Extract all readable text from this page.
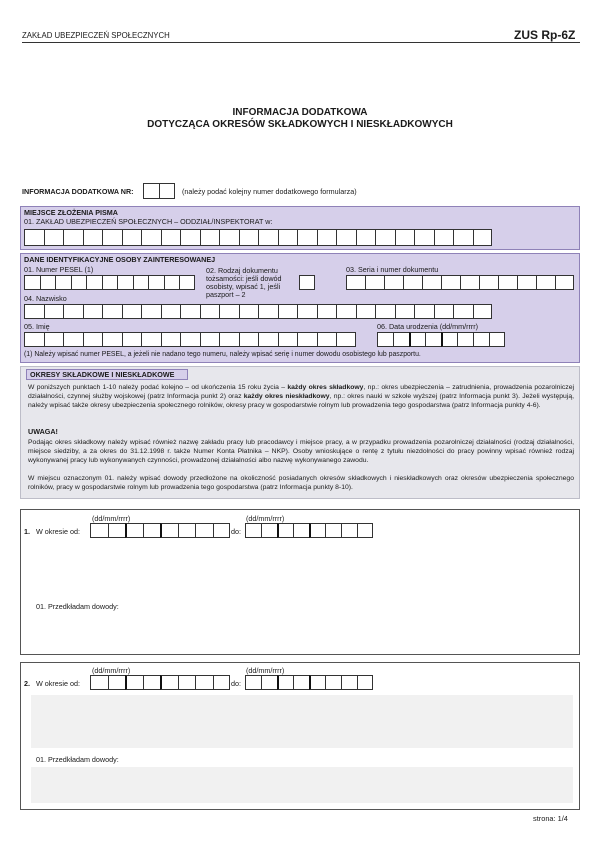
ZAKŁAD UBEZPIECZEŃ SPOŁECZNYCH	ZUS Rp-6Z
INFORMACJA DODATKOWA
DOTYCZĄCA OKRESÓW SKŁADKOWYCH I NIESKŁADKOWYCH
INFORMACJA DODATKOWA NR:	(należy podać kolejny numer dodatkowego formularza)
MIEJSCE ZŁOŻENIA PISMA
01. ZAKŁAD UBEZPIECZEŃ SPOŁECZNYCH – ODDZIAŁ/INSPEKTORAT w:
DANE IDENTYFIKACYJNE OSOBY ZAINTERESOWANEJ
01. Numer PESEL (1)	02. Rodzaj dokumentu
tożsamości: jeśli dowód
osobisty, wpisać 1, jeśli
paszport – 2
03. Seria i numer dokumentu
04. Nazwisko
05. Imię	06. Data urodzenia (dd/mm/rrrr)
(1) Należy wpisać numer PESEL, a jeżeli nie nadano tego numeru, należy wpisać serię i numer dowodu osobistego lub paszportu.
OKRESY SKŁADKOWE I NIESKŁADKOWE
W poniższych punktach 1-10 należy podać kolejno – od ukończenia 15 roku życia – każdy okres składkowy, np.: okres ubezpieczenia – zatrudnienia, prowadzenia pozarolniczej działalności, czynnej służby wojskowej (patrz Informacja punkt 2) oraz każdy okres nieskładkowy, np.: okres nauki w szkole wyższej (patrz Informacja punkt 3). Jeżeli występują, należy wpisać także okresy ubezpieczenia społecznego rolników, okresy pracy w gospodarstwie rolnym lub prowadzenia tego gospodarstwa (patrz Informacja punkty 4-6).
UWAGA!
Podając okres składkowy należy wpisać również nazwę zakładu pracy lub pracodawcy i miejsce pracy, a w przypadku prowadzenia pozarolniczej działalności (rodzaj działalności, miejsce siedziby, a za okres do 31.12.1998 r. także Numer Konta Płatnika – NKP). Osoby wnioskujące o rentę z tytułu niezdolności do pracy powinny wpisać również rodzaj wykonywanej pracy lub wykonywanych czynności, prowadzonej działalności albo nazwę wykonywanego zawodu.
W miejscu oznaczonym 01. należy wpisać dowody przedłożone na okoliczność posiadanych okresów składkowych i nieskładkowych oraz okresów ubezpieczenia społecznego rolników, pracy w gospodarstwie rolnym lub prowadzenia tego gospodarstwa (patrz Informacja punkty 8-10).
(dd/mm/rrrr)	(dd/mm/rrrr)
1. W okresie od:	do:
01. Przedkładam dowody:
(dd/mm/rrrr)	(dd/mm/rrrr)
2. W okresie od:	do:
01. Przedkładam dowody:
strona: 1/4
